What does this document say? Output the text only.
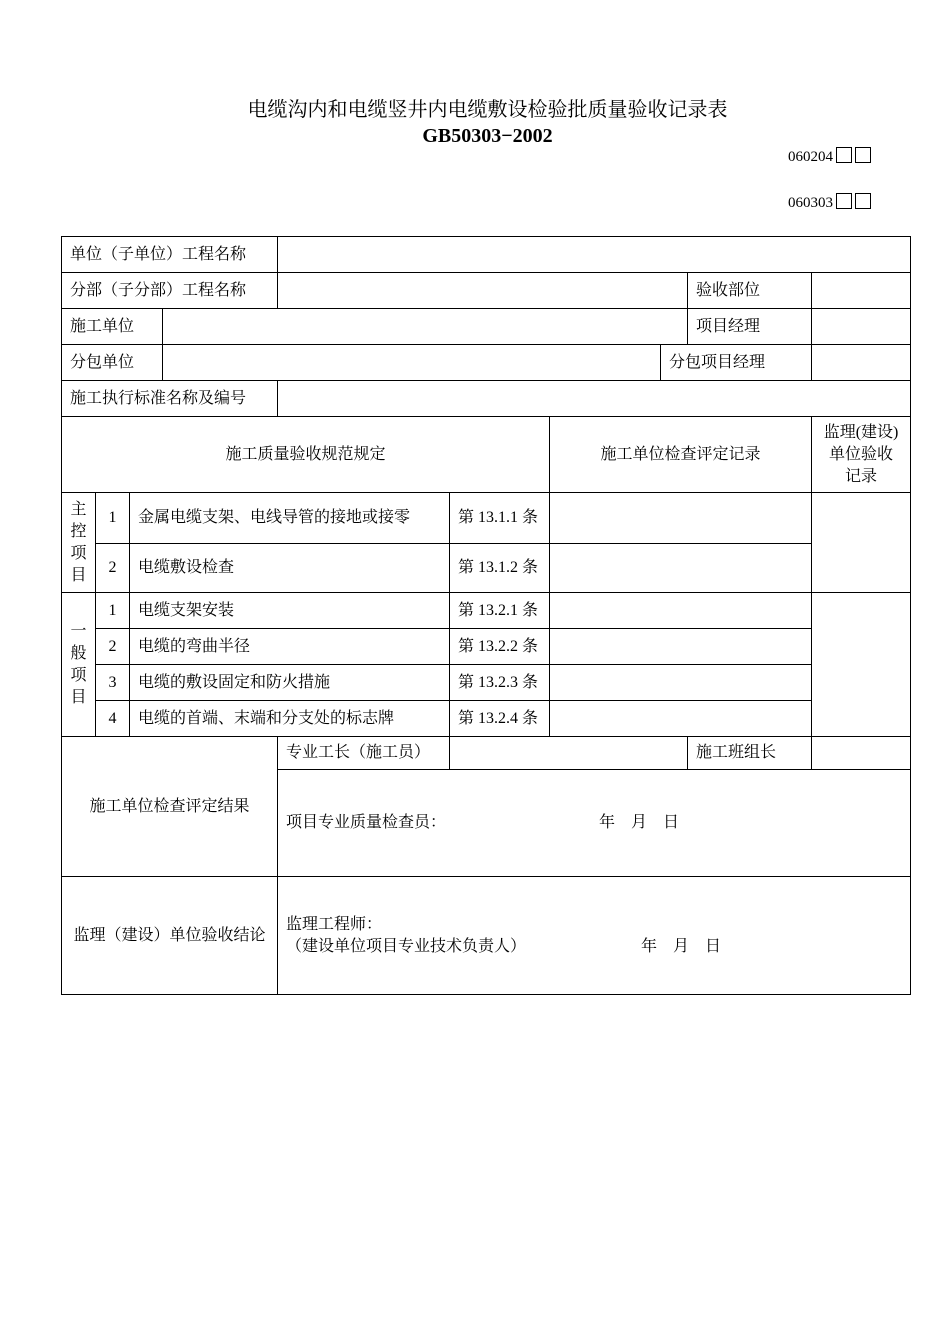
电缆沟内和电缆竖井内电缆敷设检验批质量验收记录表
GB50303−2002
060204
060303
单位（子单位）工程名称									
分部（子分部）工程名称								验收部位	
施工单位								项目经理	
分包单位							分包项目经理		
施工执行标准名称及编号									
施工质量验收规范规定						施工单位检查评定记录			监理(建设)
单位验收
记录

主
控
项
目	1	金属电缆支架、电线导管的接地或接零			第 13.1.1 条				
	2	电缆敷设检查			第 13.1.2 条				

一
般
项
目	1	电缆支架安装			第 13.2.1 条				
	2	电缆的弯曲半径			第 13.2.2 条				
	3	电缆的敷设固定和防火措施			第 13.2.3 条				
	4	电缆的首端、末端和分支处的标志牌			第 13.2.4 条				
施工单位检查评定结果				专业工长（施工员）				施工班组长	

				项目专业质量检查员： 年　月　日					

监理（建设）单位验收结论				监理工程师：
（建设单位项目专业技术负责人） 年　月　日					
